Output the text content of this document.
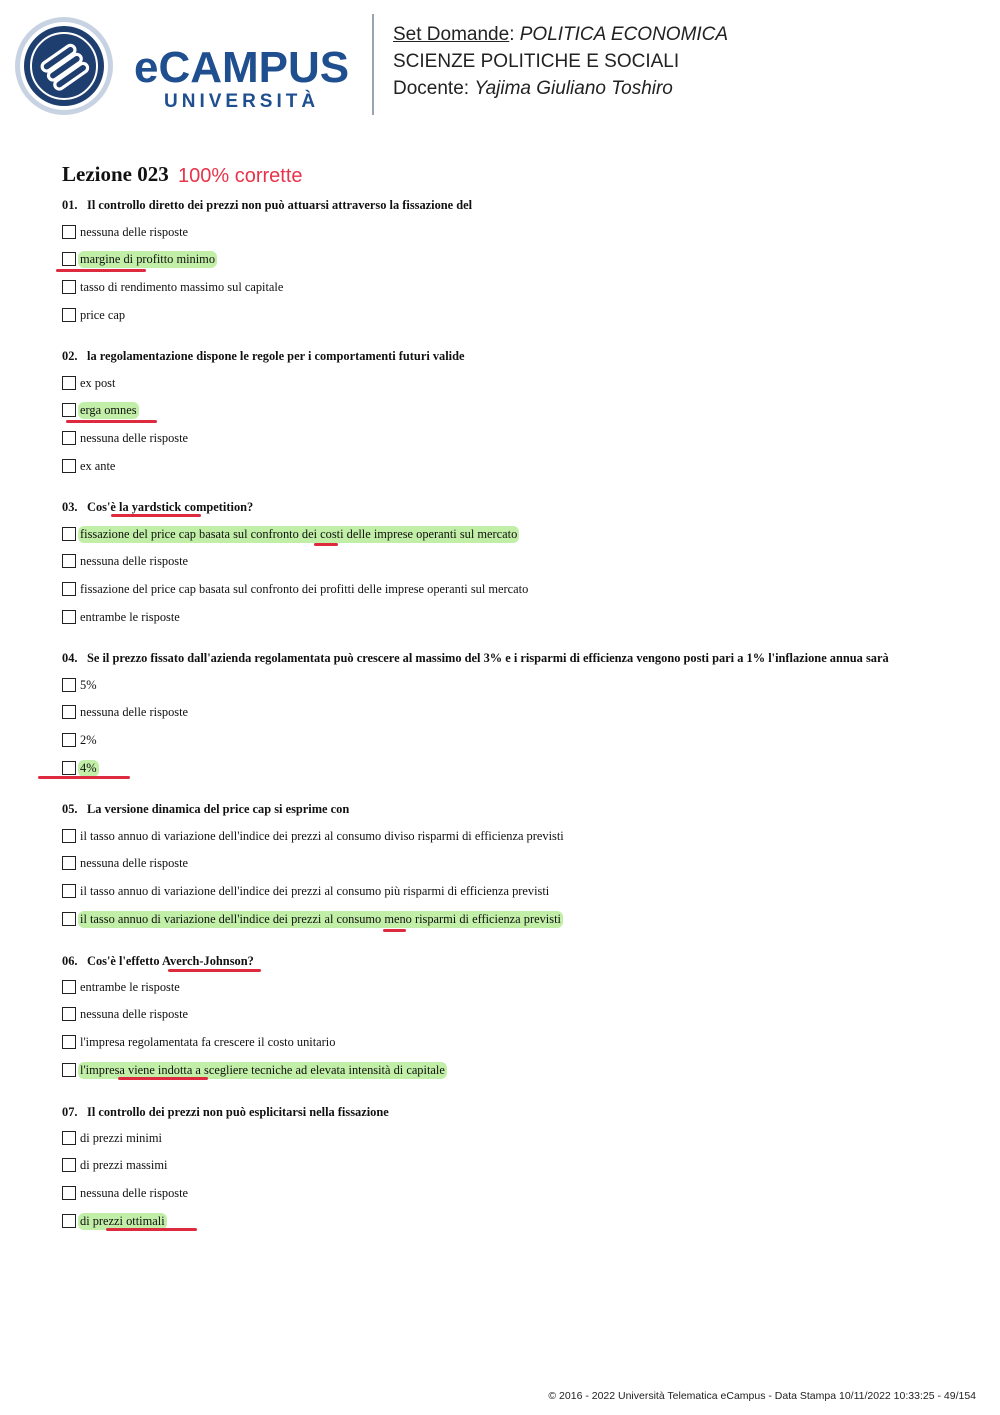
eCAMPUS
UNIVERSITÀ
Set Domande: POLITICA ECONOMICA
SCIENZE POLITICHE E SOCIALI
Docente: Yajima Giuliano Toshiro
Lezione 023 100% corrette
01. Il controllo diretto dei prezzi non può attuarsi attraverso la fissazione del
nessuna delle risposte
margine di profitto minimo
tasso di rendimento massimo sul capitale
price cap
02. la regolamentazione dispone le regole per i comportamenti futuri valide
ex post
erga omnes
nessuna delle risposte
ex ante
03. Cos'è la yardstick competition?
fissazione del price cap basata sul confronto dei costi delle imprese operanti sul mercato
nessuna delle risposte
fissazione del price cap basata sul confronto dei profitti delle imprese operanti sul mercato
entrambe le risposte
04. Se il prezzo fissato dall'azienda regolamentata può crescere al massimo del 3% e i risparmi di efficienza vengono posti pari a 1% l'inflazione annua sarà
5%
nessuna delle risposte
2%
4%
05. La versione dinamica del price cap si esprime con
il tasso annuo di variazione dell'indice dei prezzi al consumo diviso risparmi di efficienza previsti
nessuna delle risposte
il tasso annuo di variazione dell'indice dei prezzi al consumo più risparmi di efficienza previsti
il tasso annuo di variazione dell'indice dei prezzi al consumo meno risparmi di efficienza previsti
06. Cos'è l'effetto Averch-Johnson?
entrambe le risposte
nessuna delle risposte
l'impresa regolamentata fa crescere il costo unitario
l'impresa viene indotta a scegliere tecniche ad elevata intensità di capitale
07. Il controllo dei prezzi non può esplicitarsi nella fissazione
di prezzi minimi
di prezzi massimi
nessuna delle risposte
di prezzi ottimali
© 2016 - 2022 Università Telematica eCampus - Data Stampa 10/11/2022 10:33:25 - 49/154
